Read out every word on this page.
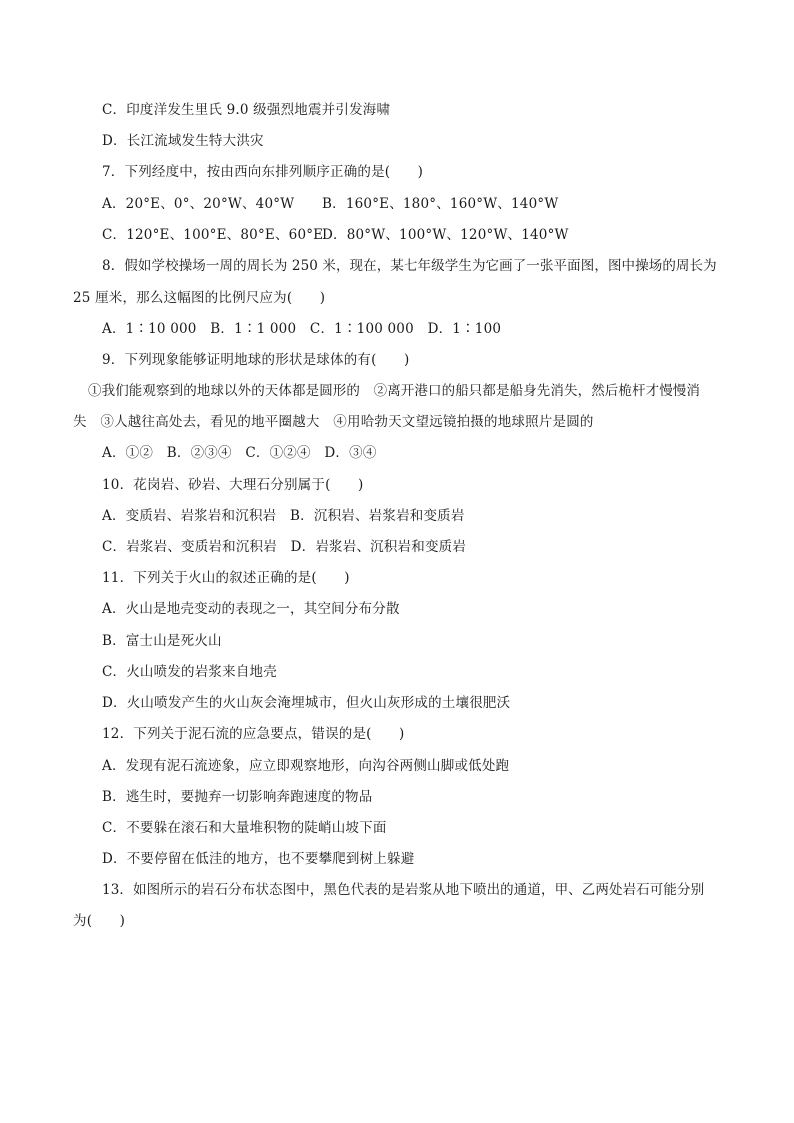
C．印度洋发生里氏 9.0 级强烈地震并引发海啸
D．长江流域发生特大洪灾
7．下列经度中，按由西向东排列顺序正确的是(　　)
A．20°E、0°、20°W、40°W B．160°E、180°、160°W、140°W
C．120°E、100°E、80°E、60°E
D．80°W、100°W、120°W、140°W
8．假如学校操场一周的周长为 250 米，现在，某七年级学生为它画了一张平面图，图中操场的周长为
25 厘米，那么这幅图的比例尺应为(　　)
A．1∶10 000　B．1∶1 000　C．1∶100 000　D．1∶100
9．下列现象能够证明地球的形状是球体的有(　　)
①我们能观察到的地球以外的天体都是圆形的　②离开港口的船只都是船身先消失，然后桅杆才慢慢消
失　③人越往高处去，看见的地平圈越大　④用哈勃天文望远镜拍摄的地球照片是圆的
A．①②　B．②③④　C．①②④　D．③④
10．花岗岩、砂岩、大理石分别属于(　　)
A．变质岩、岩浆岩和沉积岩　B．沉积岩、岩浆岩和变质岩
C．岩浆岩、变质岩和沉积岩　D．岩浆岩、沉积岩和变质岩
11．下列关于火山的叙述正确的是(　　)
A．火山是地壳变动的表现之一，其空间分布分散
B．富士山是死火山
C．火山喷发的岩浆来自地壳
D．火山喷发产生的火山灰会淹埋城市，但火山灰形成的土壤很肥沃
12．下列关于泥石流的应急要点，错误的是(　　)
A．发现有泥石流迹象，应立即观察地形，向沟谷两侧山脚或低处跑
B．逃生时，要抛弃一切影响奔跑速度的物品
C．不要躲在滚石和大量堆积物的陡峭山坡下面
D．不要停留在低洼的地方，也不要攀爬到树上躲避
13．如图所示的岩石分布状态图中，黑色代表的是岩浆从地下喷出的通道，甲、乙两处岩石可能分别
为(　　)
